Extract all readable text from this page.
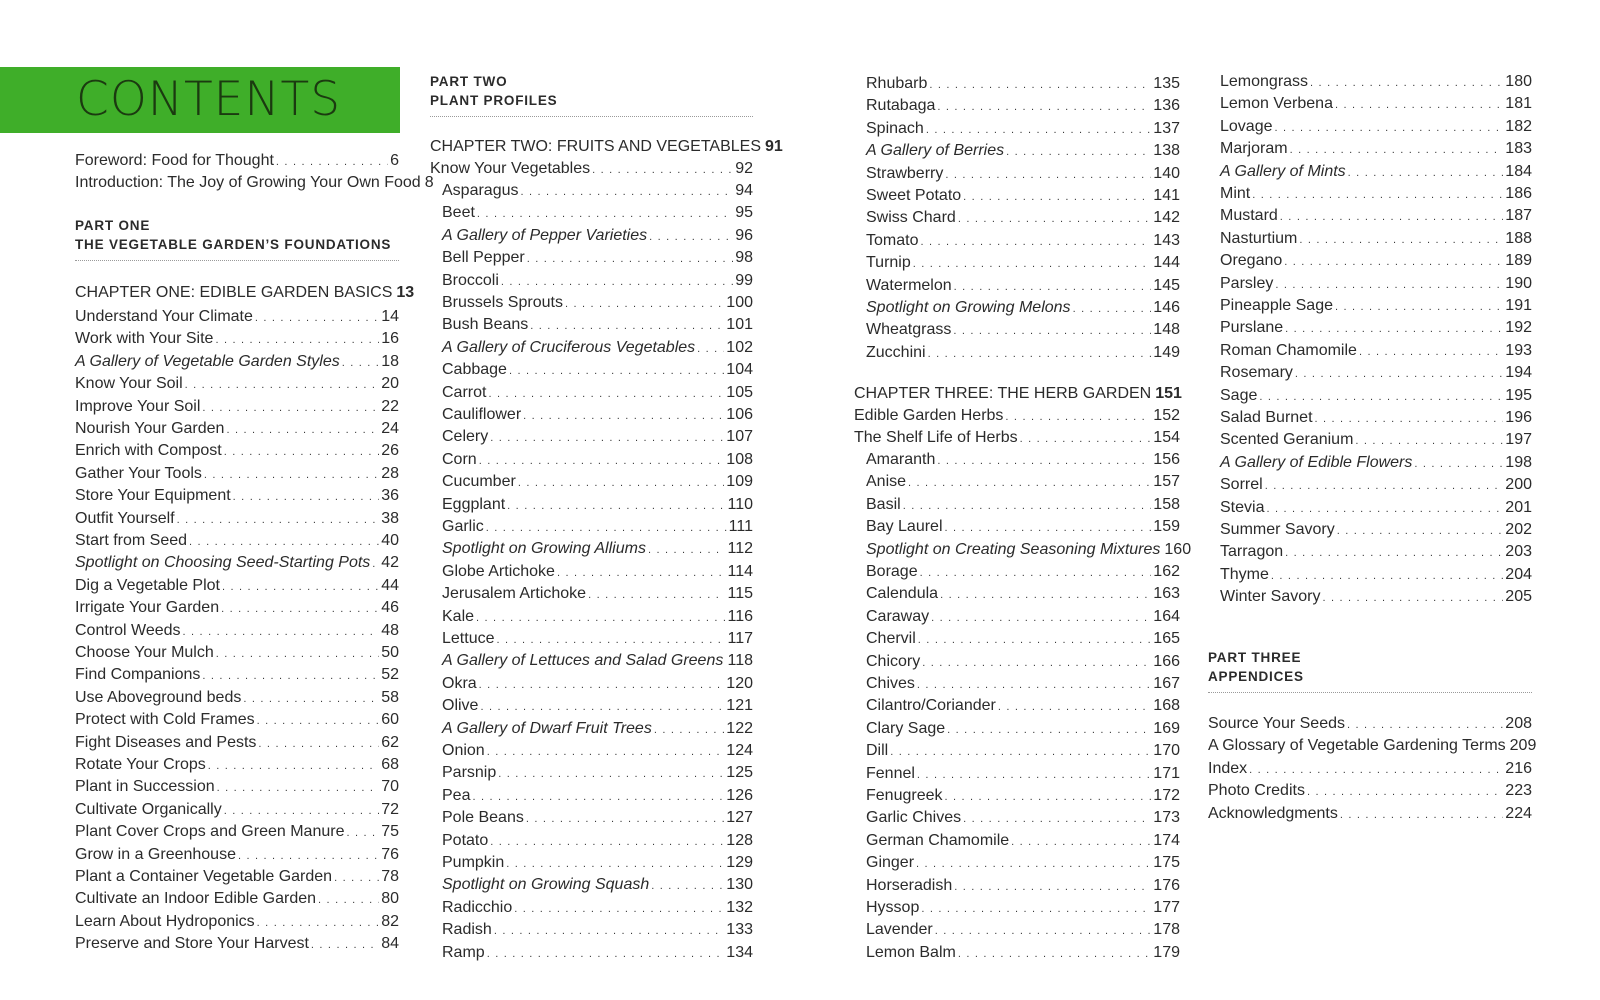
CONTENTS
Foreword: Food for Thought . . .	6
Introduction: The Joy of Growing Your Own Food 8
PART ONE
THE VEGETABLE GARDEN’S FOUNDATIONS
CHAPTER ONE: EDIBLE GARDEN BASICS 13
Understand Your Climate . . .	14
Work with Your Site . . .	16
A Gallery of Vegetable Garden Styles . . .	18
Know Your Soil . . .	20
Improve Your Soil . . .	22
Nourish Your Garden . . .	24
Enrich with Compost . . .	26
Gather Your Tools . . .	28
Store Your Equipment . . .	36
Outfit Yourself . . .	38
Start from Seed . . .	40
Spotlight on Choosing Seed-Starting Pots . . . 42
Dig a Vegetable Plot . . .	44
Irrigate Your Garden . . .	46
Control Weeds . . .	48
Choose Your Mulch . . .	50
Find Companions . . .	52
Use Aboveground beds . . .	58
Protect with Cold Frames . . .	60
Fight Diseases and Pests . . .	62
Rotate Your Crops . . .	68
Plant in Succession . . .	70
Cultivate Organically . . .	72
Plant Cover Crops and Green Manure . . . 75
Grow in a Greenhouse . . .	76
Plant a Container Vegetable Garden . . .	78
Cultivate an Indoor Edible Garden . . .	80
Learn About Hydroponics . . .	82
Preserve and Store Your Harvest . . .	84
PART TWO
PLANT PROFILES
CHAPTER TWO: FRUITS AND VEGETABLES 91
Know Your Vegetables . . .	92
Asparagus . . .	94
Beet . . .	95
A Gallery of Pepper Varieties . . .	96
Bell Pepper . . .	98
Broccoli . . .	99
Brussels Sprouts . . .	100
Bush Beans . . .	101
A Gallery of Cruciferous Vegetables . . . 102
Cabbage . . .	104
Carrot . . .	105
Cauliflower . . .	106
Celery . . .	107
Corn . . .	108
Cucumber . . .	109
Eggplant . . .	110
Garlic . . .	111
Spotlight on Growing Alliums . . .	112
Globe Artichoke . . .	114
Jerusalem Artichoke . . .	115
Kale . . .	116
Lettuce . . .	117
A Gallery of Lettuces and Salad Greens . . . 118
Okra . . .	120
Olive . . .	121
A Gallery of Dwarf Fruit Trees . . .	122
Onion . . .	124
Parsnip . . .	125
Pea . . .	126
Pole Beans . . .	127
Potato . . .	128
Pumpkin . . .	129
Spotlight on Growing Squash . . .	130
Radicchio . . .	132
Radish . . .	133
Ramp . . .	134
Rhubarb . . .	135
Rutabaga . . .	136
Spinach . . .	137
A Gallery of Berries . . .	138
Strawberry . . .	140
Sweet Potato . . .	141
Swiss Chard . . .	142
Tomato . . .	143
Turnip . . .	144
Watermelon . . .	145
Spotlight on Growing Melons . . .	146
Wheatgrass . . .	148
Zucchini . . .	149
CHAPTER THREE: THE HERB GARDEN 151
Edible Garden Herbs . . .	152
The Shelf Life of Herbs . . .	154
Amaranth . . .	156
Anise . . .	157
Basil . . .	158
Bay Laurel . . .	159
Spotlight on Creating Seasoning Mixtures 160
Borage . . .	162
Calendula . . .	163
Caraway . . .	164
Chervil . . .	165
Chicory . . .	166
Chives . . .	167
Cilantro/Coriander . . .	168
Clary Sage . . .	169
Dill . . .	170
Fennel . . .	171
Fenugreek . . .	172
Garlic Chives . . .	173
German Chamomile . . .	174
Ginger . . .	175
Horseradish . . .	176
Hyssop . . .	177
Lavender . . .	178
Lemon Balm . . .	179
Lemongrass . . .	180
Lemon Verbena . . .	181
Lovage . . .	182
Marjoram . . .	183
A Gallery of Mints . . .	184
Mint . . .	186
Mustard . . .	187
Nasturtium . . .	188
Oregano . . .	189
Parsley . . .	190
Pineapple Sage . . .	191
Purslane . . .	192
Roman Chamomile . . .	193
Rosemary . . .	194
Sage . . .	195
Salad Burnet . . .	196
Scented Geranium . . .	197
A Gallery of Edible Flowers . . .	198
Sorrel . . .	200
Stevia . . .	201
Summer Savory . . .	202
Tarragon . . .	203
Thyme . . .	204
Winter Savory . . .	205
PART THREE
APPENDICES
Source Your Seeds . . .	208
A Glossary of Vegetable Gardening Terms 209
Index . . .	216
Photo Credits . . .	223
Acknowledgments . . .	224
